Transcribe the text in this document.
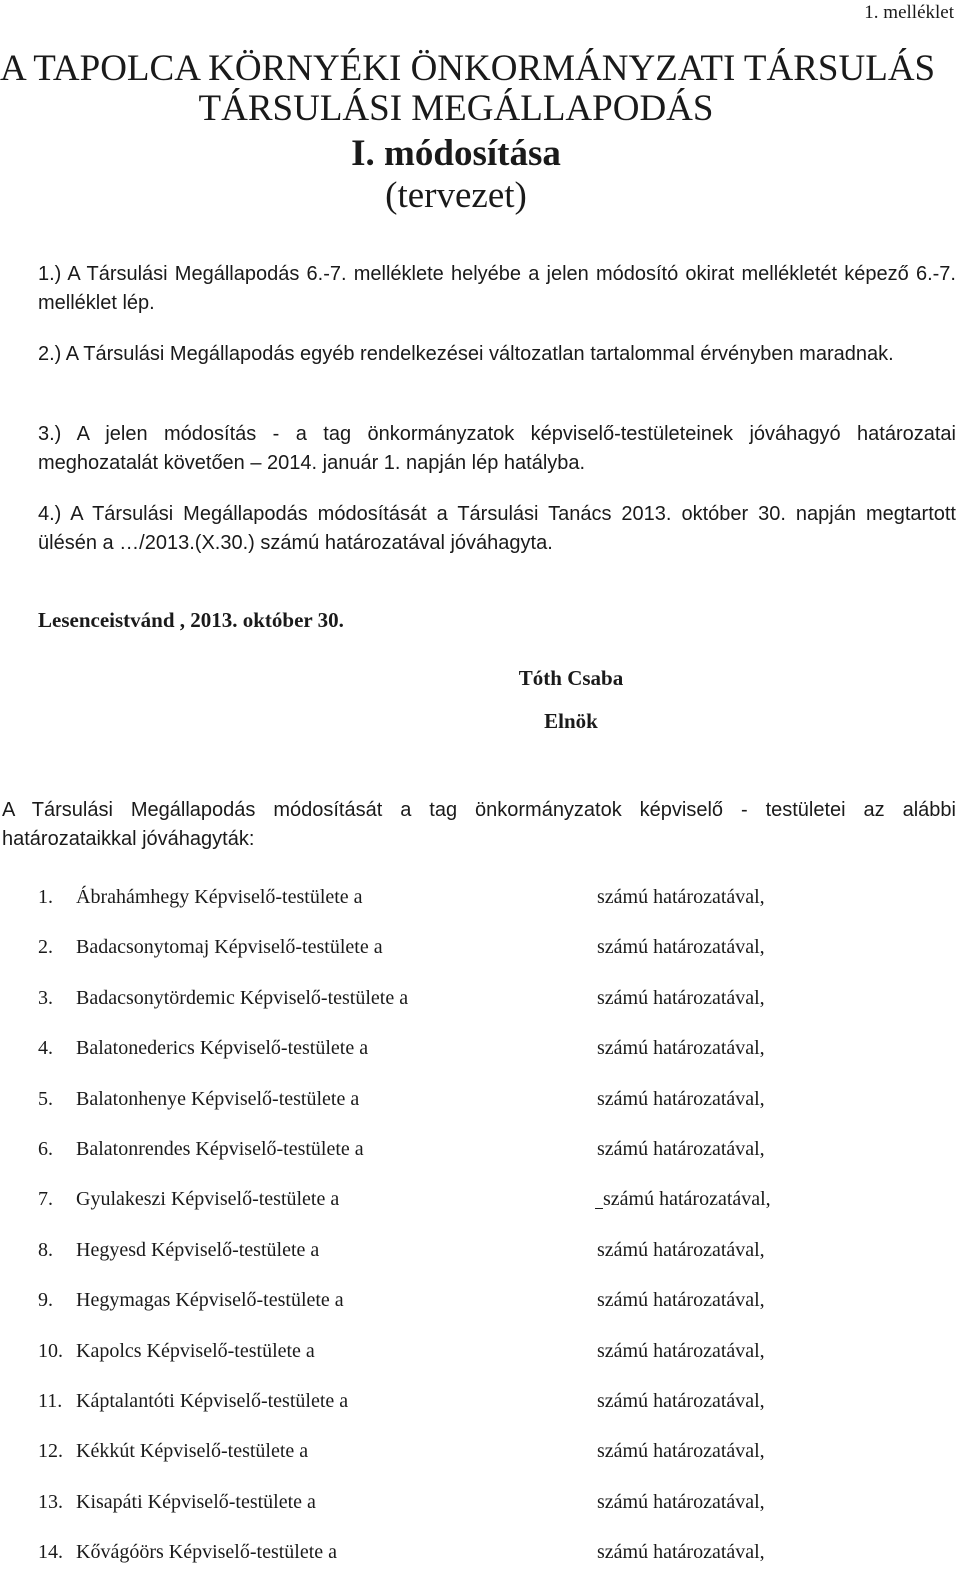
1. melléklet
A TAPOLCA KÖRNYÉKI ÖNKORMÁNYZATI TÁRSULÁS
TÁRSULÁSI MEGÁLLAPODÁS
I. módosítása
(tervezet)
1.) A Társulási Megállapodás 6.-7. melléklete helyébe a jelen módosító okirat mellékletét képező 6.-7. melléklet lép.
2.) A Társulási Megállapodás egyéb rendelkezései változatlan tartalommal érvényben maradnak.
3.) A jelen módosítás - a tag önkormányzatok képviselő-testületeinek jóváhagyó határozatai meghozatalát követően – 2014. január 1. napján lép hatályba.
4.) A Társulási Megállapodás módosítását a Társulási Tanács 2013. október 30. napján megtartott ülésén a …/2013.(X.30.) számú határozatával jóváhagyta.
Lesenceistvánd , 2013. október 30.
Tóth Csaba
Elnök
A Társulási Megállapodás módosítását a tag önkormányzatok képviselő - testületei az alábbi határozataikkal jóváhagyták:
1. Ábrahámhegy Képviselő-testülete a	számú határozatával,
2. Badacsonytomaj Képviselő-testülete a	számú határozatával,
3. Badacsonytördemic Képviselő-testülete a	számú határozatával,
4. Balatonederics Képviselő-testülete a	számú határozatával,
5. Balatonhenye Képviselő-testülete a	számú határozatával,
6. Balatonrendes Képviselő-testülete a	számú határozatával,
7. Gyulakeszi Képviselő-testülete a	számú határozatával,
8. Hegyesd Képviselő-testülete a	számú határozatával,
9. Hegymagas Képviselő-testülete a	számú határozatával,
10. Kapolcs Képviselő-testülete a	számú határozatával,
11. Káptalantóti Képviselő-testülete a	számú határozatával,
12. Kékkút Képviselő-testülete a	számú határozatával,
13. Kisapáti Képviselő-testülete a	számú határozatával,
14. Kővágóörs Képviselő-testülete a	számú határozatával,
